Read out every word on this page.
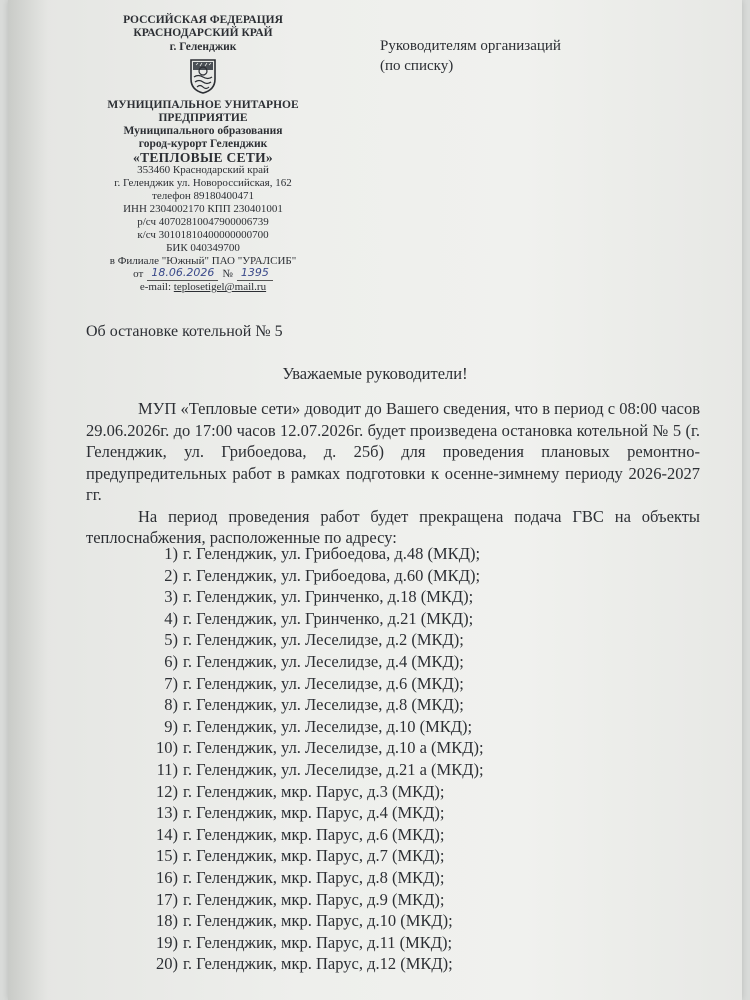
РОССИЙСКАЯ ФЕДЕРАЦИЯ
КРАСНОДАРСКИЙ КРАЙ
г. Геленджик
МУНИЦИПАЛЬНОЕ УНИТАРНОЕ
ПРЕДПРИЯТИЕ
Муниципального образования
город-курорт Геленджик
«ТЕПЛОВЫЕ СЕТИ»
353460 Краснодарский край
г. Геленджик ул. Новороссийская, 162
телефон 89180400471
ИНН 2304002170 КПП 230401001
р/сч 40702810047900006739
к/сч 30101810400000000700
БИК 040349700
в Филиале "Южный" ПАО "УРАЛСИБ"
от 18.06.2026 № 1395
e-mail: teplosetigel@mail.ru
Руководителям организаций
(по списку)
Об остановке котельной № 5
Уважаемые руководители!

МУП «Тепловые сети» доводит до Вашего сведения, что в период с 08:00 часов 29.06.2026г. до 17:00 часов 12.07.2026г. будет произведена остановка котельной № 5 (г. Геленджик, ул. Грибоедова, д. 25б) для проведения плановых ремонтно-предупредительных работ в рамках подготовки к осенне-зимнему периоду 2026-2027 гг.

На период проведения работ будет прекращена подача ГВС на объекты теплоснабжения, расположенные по адресу:

1) г. Геленджик, ул. Грибоедова, д.48 (МКД);
2) г. Геленджик, ул. Грибоедова, д.60 (МКД);
3) г. Геленджик, ул. Гринченко, д.18 (МКД);
4) г. Геленджик, ул. Гринченко, д.21 (МКД);
5) г. Геленджик, ул. Леселидзе, д.2 (МКД);
6) г. Геленджик, ул. Леселидзе, д.4 (МКД);
7) г. Геленджик, ул. Леселидзе, д.6 (МКД);
8) г. Геленджик, ул. Леселидзе, д.8 (МКД);
9) г. Геленджик, ул. Леселидзе, д.10 (МКД);
10) г. Геленджик, ул. Леселидзе, д.10 а (МКД);
11) г. Геленджик, ул. Леселидзе, д.21 а (МКД);
12) г. Геленджик, мкр. Парус, д.3 (МКД);
13) г. Геленджик, мкр. Парус, д.4 (МКД);
14) г. Геленджик, мкр. Парус, д.6 (МКД);
15) г. Геленджик, мкр. Парус, д.7 (МКД);
16) г. Геленджик, мкр. Парус, д.8 (МКД);
17) г. Геленджик, мкр. Парус, д.9 (МКД);
18) г. Геленджик, мкр. Парус, д.10 (МКД);
19) г. Геленджик, мкр. Парус, д.11 (МКД);
20) г. Геленджик, мкр. Парус, д.12 (МКД);
